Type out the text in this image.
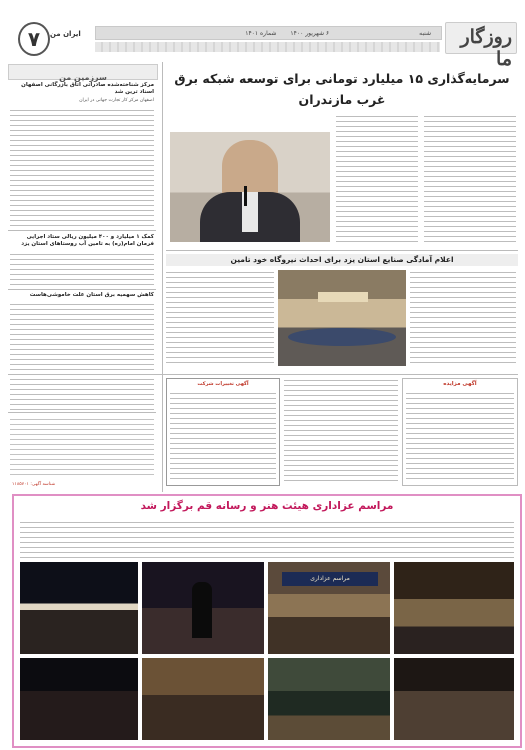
روزگار ما
شنبه
۶ شهریور ۱۴۰۰
شماره ۱۴۰۱
ایران من
۷
سرزمین من
مرکز شناخته‌شده صادراتی اتاق بازرگانی اصفهان اسناد ترین شد
اصفهان مرکز کار تجارت جهانی در ایران
کمک ۱ میلیارد و ۴۰۰ میلیون ریالی ستاد اجرایی فرمان امام(ره) به تامین آب روستاهای استان یزد
کاهش سهمیه برق استان علت خاموشی‌هاست
شناسه آگهی: ۱۱۸۵۷۰۱
سرمایه‌گذاری ۱۵ میلیارد تومانی برای توسعه شبکه برق غرب مازندران
اعلام آمادگی صنایع استان یزد برای احداث نیروگاه خود تامین
آگهی مزایده
آگهی تغییرات شرکت
مراسم عزاداری هیئت هنر و رسانه قم برگزار شد
مراسم عزاداری
